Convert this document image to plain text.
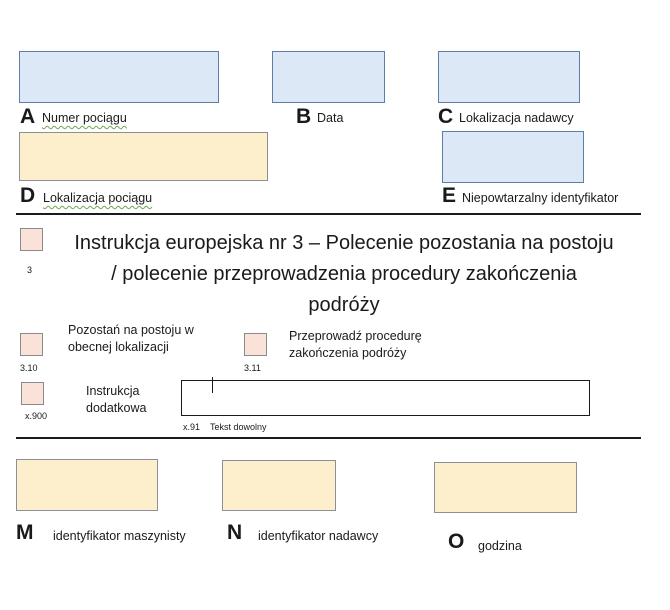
A Numer pociągu	B Data	C Lokalizacja nadawcy
D Lokalizacja pociągu	E Niepowtarzalny identyfikator
3
Instrukcja europejska nr 3 – Polecenie pozostania na postoju / polecenie przeprowadzenia procedury zakończenia podróży
3.10
Pozostań na postoju w obecnej lokalizacji
3.11
Przeprowadź procedurę zakończenia podróży
x.900
Instrukcja dodatkowa
x.91 Tekst dowolny
M identyfikator maszynisty N identyfikator nadawcy	O godzina
